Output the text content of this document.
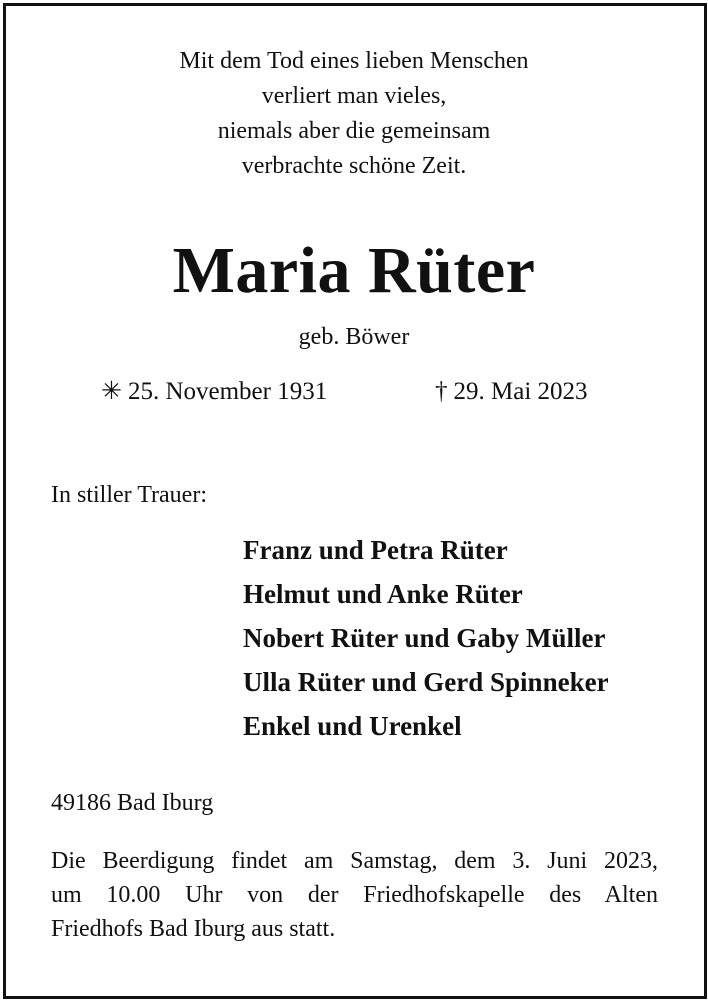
Mit dem Tod eines lieben Menschen
verliert man vieles,
niemals aber die gemeinsam
verbrachte schöne Zeit.
Maria Rüter
geb. Böwer
✳ 25. November 1931	† 29. Mai 2023
In stiller Trauer:
Franz und Petra Rüter
Helmut und Anke Rüter
Nobert Rüter und Gaby Müller
Ulla Rüter und Gerd Spinneker
Enkel und Urenkel
49186 Bad Iburg
Die Beerdigung findet am Samstag, dem 3. Juni 2023,
um 10.00 Uhr von der Friedhofskapelle des Alten
Friedhofs Bad Iburg aus statt.
